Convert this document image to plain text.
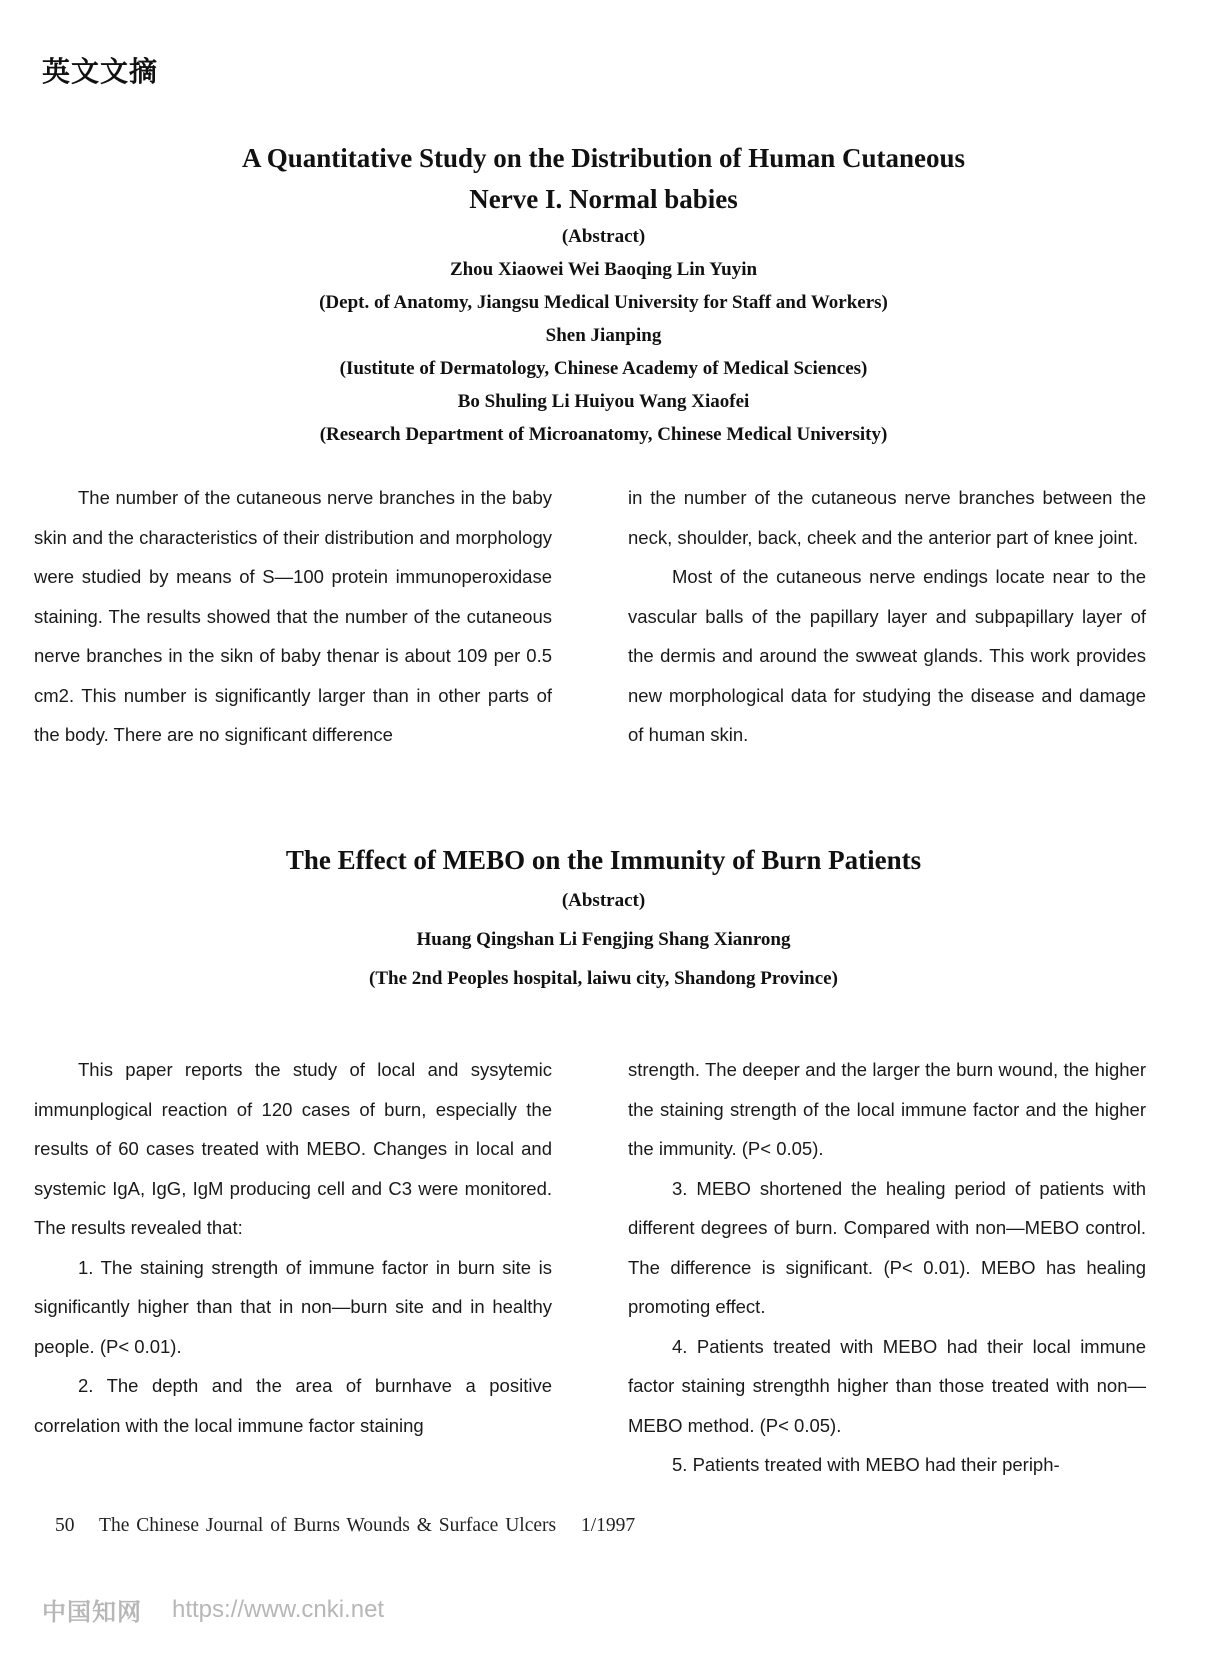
英文文摘
A Quantitative Study on the Distribution of Human Cutaneous
Nerve I. Normal babies
(Abstract)
Zhou Xiaowei Wei Baoqing Lin Yuyin
(Dept. of Anatomy, Jiangsu Medical University for Staff and Workers)
Shen Jianping
(Iustitute of Dermatology, Chinese Academy of Medical Sciences)
Bo Shuling Li Huiyou Wang Xiaofei
(Research Department of Microanatomy, Chinese Medical University)

The number of the cutaneous nerve branches in the baby skin and the characteristics of their distribution and morphology were studied by means of S—100 protein immunoperoxidase staining. The results showed that the number of the cutaneous nerve branches in the sikn of baby thenar is about 109 per 0.5 cm2. This number is significantly larger than in other parts of the body. There are no significant difference

in the number of the cutaneous nerve branches between the neck, shoulder, back, cheek and the anterior part of knee joint.

Most of the cutaneous nerve endings locate near to the vascular balls of the papillary layer and subpapillary layer of the dermis and around the swweat glands. This work provides new morphological data for studying the disease and damage of human skin.

The Effect of MEBO on the Immunity of Burn Patients
(Abstract)
Huang Qingshan Li Fengjing Shang Xianrong
(The 2nd Peoples hospital, laiwu city, Shandong Province)

This paper reports the study of local and sysytemic immunplogical reaction of 120 cases of burn, especially the results of 60 cases treated with MEBO. Changes in local and systemic IgA, IgG, IgM producing cell and C3 were monitored. The results revealed that:

1. The staining strength of immune factor in burn site is significantly higher than that in non—burn site and in healthy people. (P< 0.01).

2. The depth and the area of burnhave a positive correlation with the local immune factor staining

strength. The deeper and the larger the burn wound, the higher the staining strength of the local immune factor and the higher the immunity. (P< 0.05).

3. MEBO shortened the healing period of patients with different degrees of burn. Compared with non—MEBO control. The difference is significant. (P< 0.01). MEBO has healing promoting effect.

4. Patients treated with MEBO had their local immune factor staining strengthh higher than those treated with non—MEBO method. (P< 0.05).

5. Patients treated with MEBO had their periph-

50 The Chinese Journal of Burns Wounds & Surface Ulcers 1/1997
中国知网 https://www.cnki.net
